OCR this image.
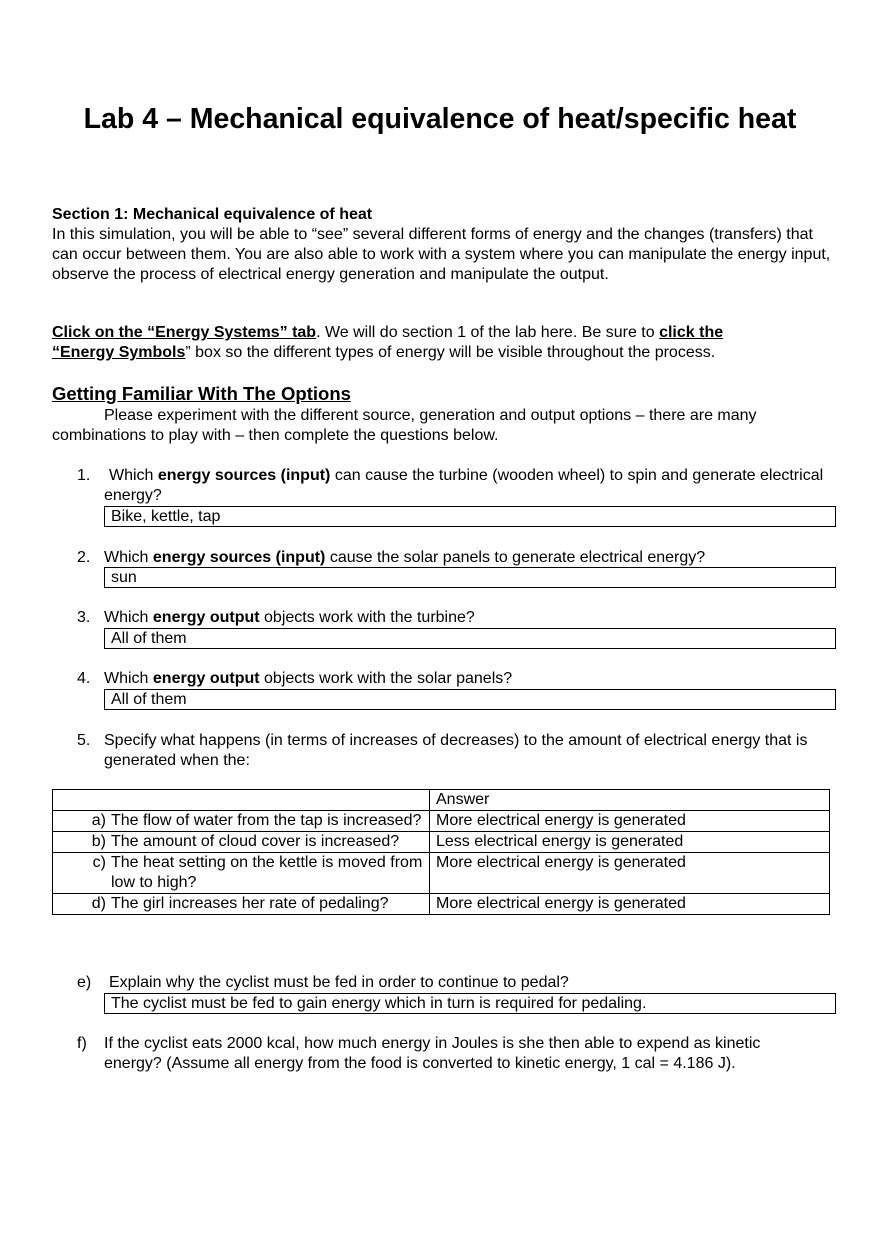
Lab 4 – Mechanical equivalence of heat/specific heat
Section 1: Mechanical equivalence of heat
In this simulation, you will be able to “see” several different forms of energy and the changes (transfers) that can occur between them. You are also able to work with a system where you can manipulate the energy input, observe the process of electrical energy generation and manipulate the output.
Click on the “Energy Systems” tab. We will do section 1 of the lab here. Be sure to click the
“Energy Symbols” box so the different types of energy will be visible throughout the process.
Getting Familiar With The Options
Please experiment with the different source, generation and output options – there are many combinations to play with – then complete the questions below.
1.	Which energy sources (input) can cause the turbine (wooden wheel) to spin and generate electrical energy?
Bike, kettle, tap
2. Which energy sources (input) cause the solar panels to generate electrical energy?
sun
3. Which energy output objects work with the turbine?
All of them
4. Which energy output objects work with the solar panels?
All of them
5. Specify what happens (in terms of increases of decreases) to the amount of electrical energy that is generated when the:
	Answer

a) The flow of water from the tap is increased?	More electrical energy is generated

b) The amount of cloud cover is increased?	Less electrical energy is generated

c) The heat setting on the kettle is moved from low to high?	More electrical energy is generated

d) The girl increases her rate of pedaling?	More electrical energy is generated
e) Explain why the cyclist must be fed in order to continue to pedal?
The cyclist must be fed to gain energy which in turn is required for pedaling.
f) If the cyclist eats 2000 kcal, how much energy in Joules is she then able to expend as kinetic energy? (Assume all energy from the food is converted to kinetic energy, 1 cal = 4.186 J).
